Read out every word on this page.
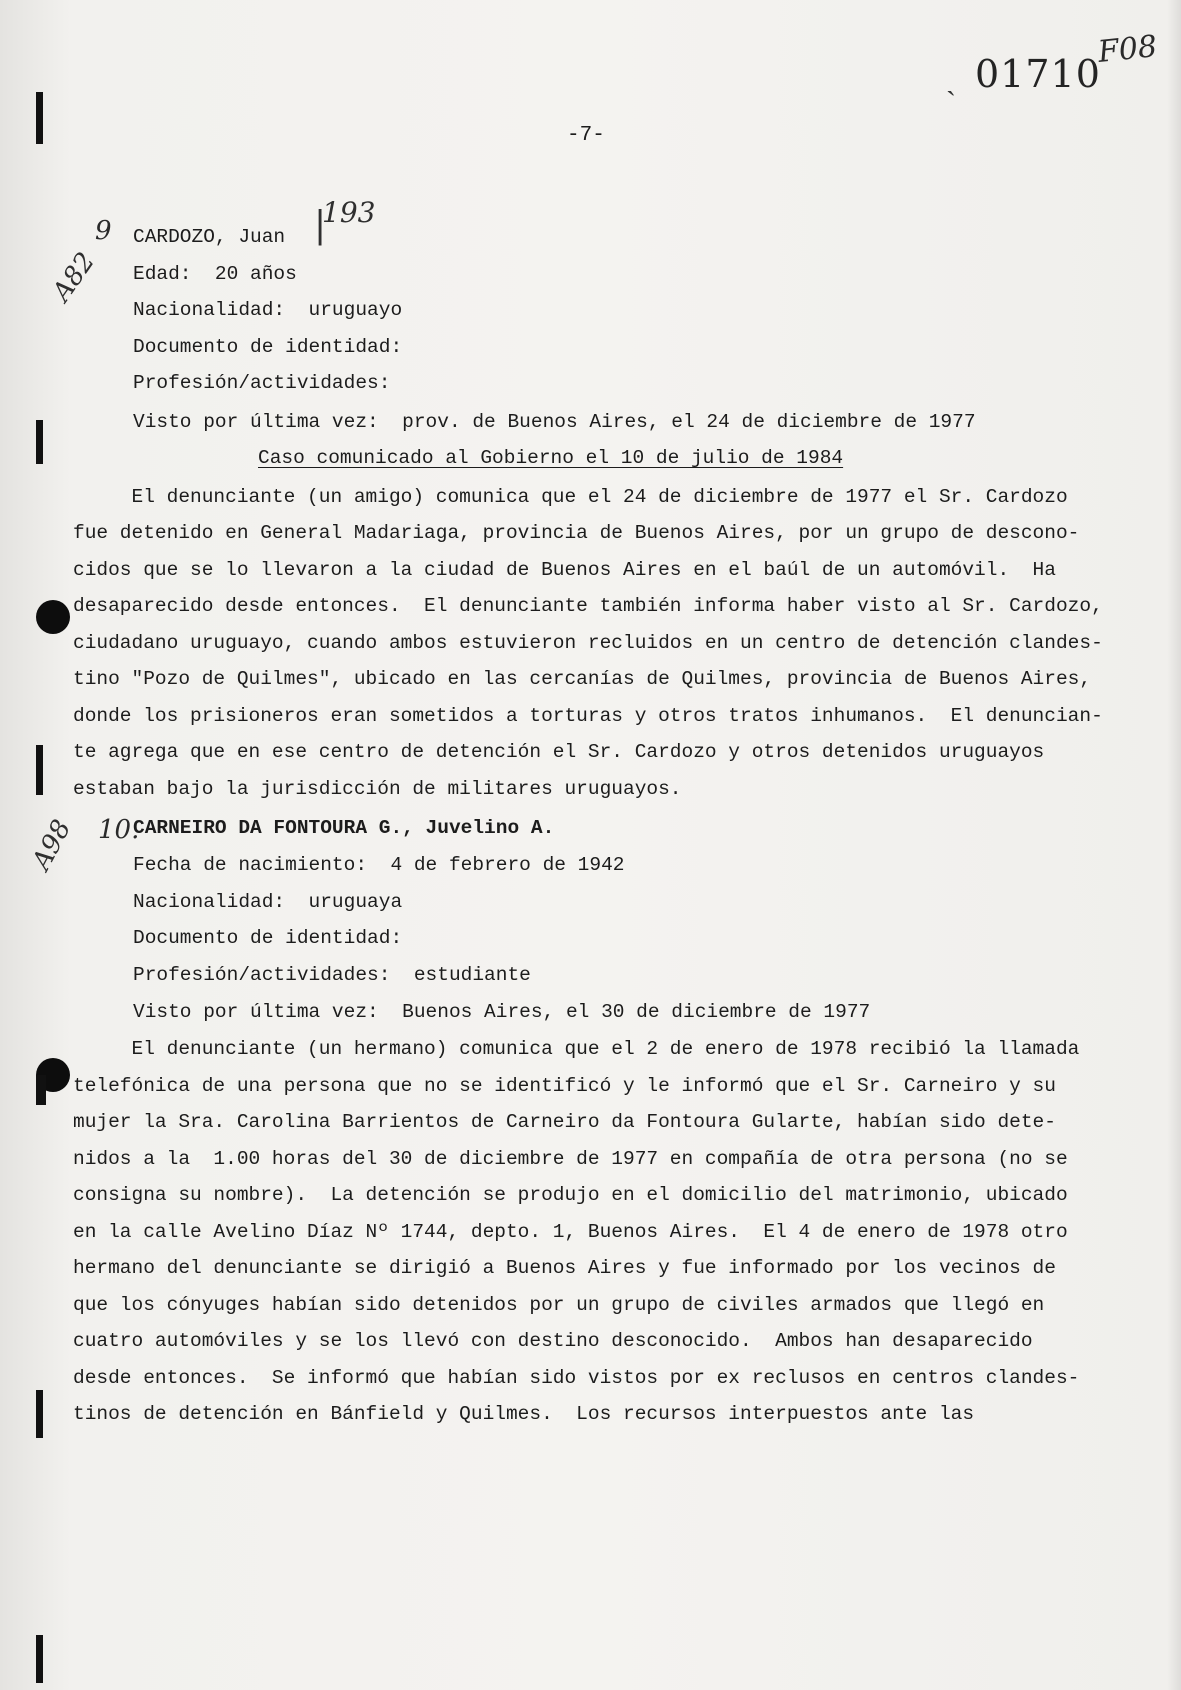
ˎ 01710
F08
-7-
9
A82
193
|
CARDOZO, Juan
Edad:  20 años
Nacionalidad:  uruguayo
Documento de identidad:
Profesión/actividades:
Visto por última vez:  prov. de Buenos Aires, el 24 de diciembre de 1977
Caso comunicado al Gobierno el 10 de julio de 1984
El denunciante (un amigo) comunica que el 24 de diciembre de 1977 el Sr. Cardozo
fue detenido en General Madariaga, provincia de Buenos Aires, por un grupo de descono-
cidos que se lo llevaron a la ciudad de Buenos Aires en el baúl de un automóvil.  Ha
desaparecido desde entonces.  El denunciante también informa haber visto al Sr. Cardozo,
ciudadano uruguayo, cuando ambos estuvieron recluidos en un centro de detención clandes-
tino "Pozo de Quilmes", ubicado en las cercanías de Quilmes, provincia de Buenos Aires,
donde los prisioneros eran sometidos a torturas y otros tratos inhumanos.  El denuncian-
te agrega que en ese centro de detención el Sr. Cardozo y otros detenidos uruguayos
estaban bajo la jurisdicción de militares uruguayos.
A98 10.
CARNEIRO DA FONTOURA G., Juvelino A.
Fecha de nacimiento:  4 de febrero de 1942
Nacionalidad:  uruguaya
Documento de identidad:
Profesión/actividades:  estudiante
Visto por última vez:  Buenos Aires, el 30 de diciembre de 1977
El denunciante (un hermano) comunica que el 2 de enero de 1978 recibió la llamada
telefónica de una persona que no se identificó y le informó que el Sr. Carneiro y su
mujer la Sra. Carolina Barrientos de Carneiro da Fontoura Gularte, habían sido dete-
nidos a la  1.00 horas del 30 de diciembre de 1977 en compañía de otra persona (no se
consigna su nombre).  La detención se produjo en el domicilio del matrimonio, ubicado
en la calle Avelino Díaz Nº 1744, depto. 1, Buenos Aires.  El 4 de enero de 1978 otro
hermano del denunciante se dirigió a Buenos Aires y fue informado por los vecinos de
que los cónyuges habían sido detenidos por un grupo de civiles armados que llegó en
cuatro automóviles y se los llevó con destino desconocido.  Ambos han desaparecido
desde entonces.  Se informó que habían sido vistos por ex reclusos en centros clandes-
tinos de detención en Bánfield y Quilmes.  Los recursos interpuestos ante las
